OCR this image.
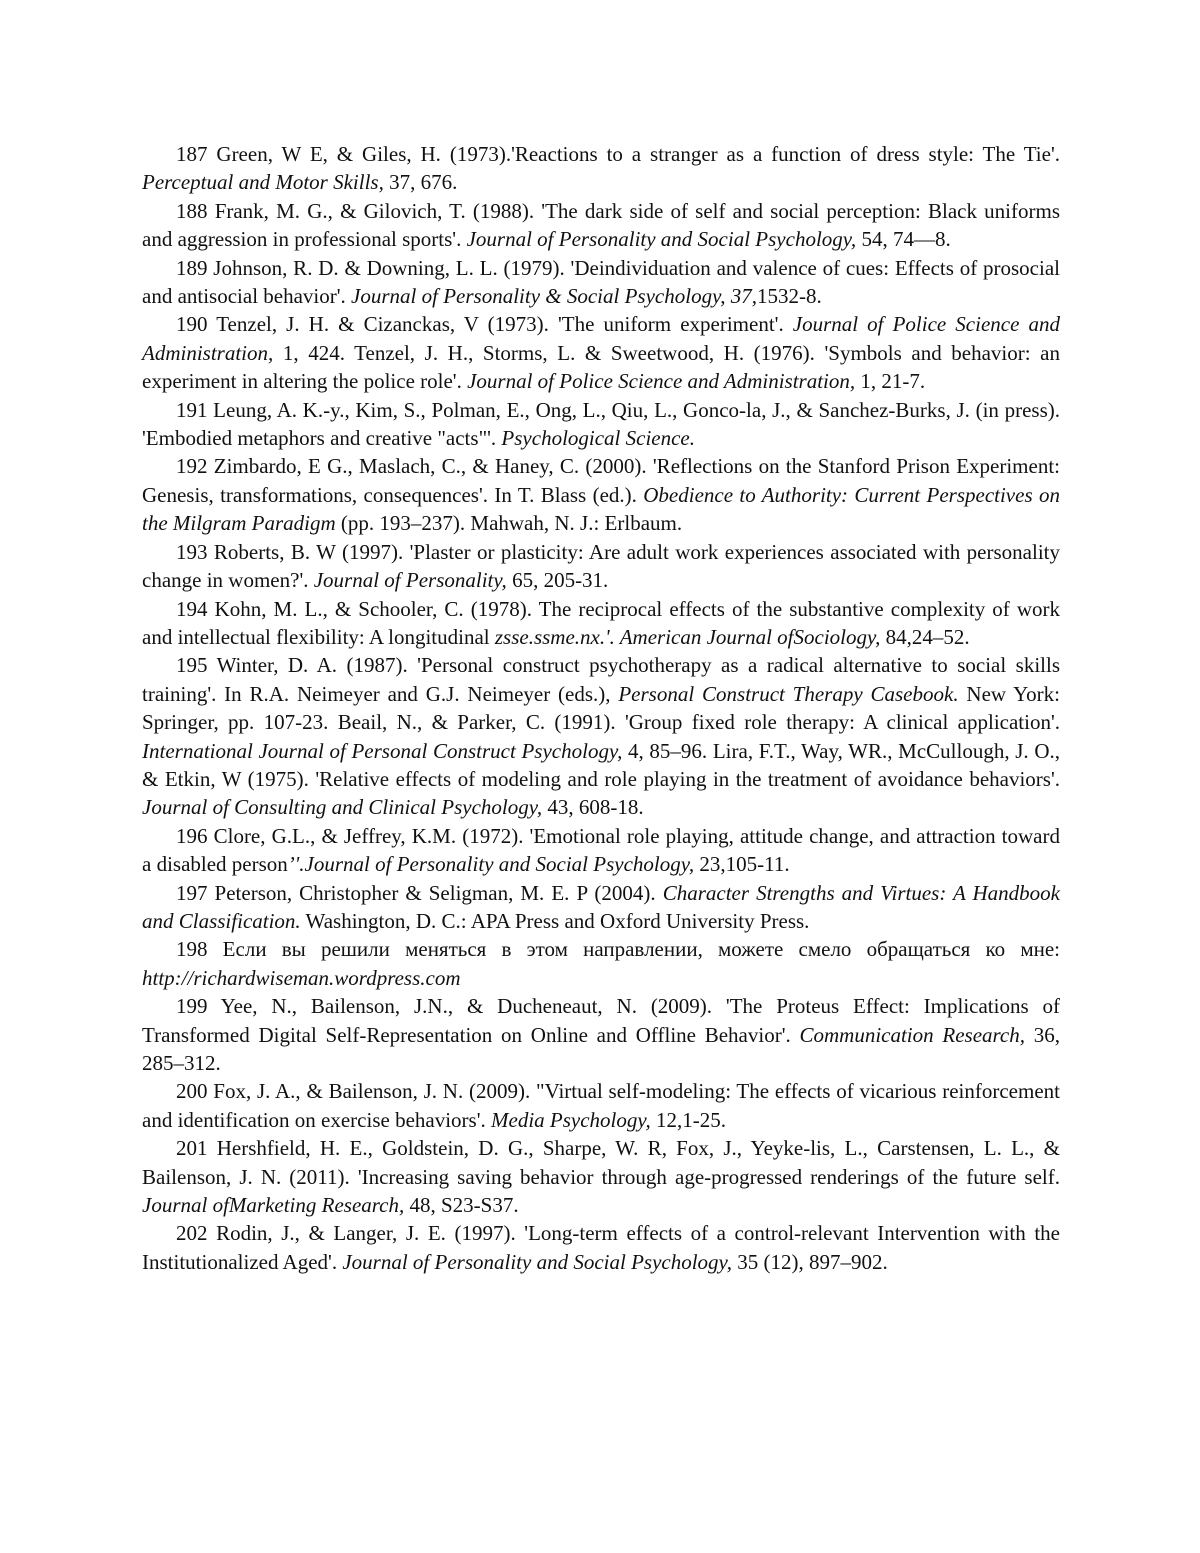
187 Green, W E, & Giles, H. (1973).'Reactions to a stranger as a function of dress style: The Tie'. Perceptual and Motor Skills, 37, 676.

188 Frank, M. G., & Gilovich, T. (1988). 'The dark side of self and social perception: Black uniforms and aggression in professional sports'. Journal of Personality and Social Psychology, 54, 74—8.

189 Johnson, R. D. & Downing, L. L. (1979). 'Deindividuation and valence of cues: Effects of prosocial and antisocial behavior'. Journal of Personality & Social Psychology, 37,1532-8.

190 Tenzel, J. H. & Cizanckas, V (1973). 'The uniform experiment'. Journal of Police Science and Administration, 1, 424. Tenzel, J. H., Storms, L. & Sweetwood, H. (1976). 'Symbols and behavior: an experiment in altering the police role'. Journal of Police Science and Administration, 1, 21-7.

191 Leung, A. K.-y., Kim, S., Polman, E., Ong, L., Qiu, L., Gonco-la, J., & Sanchez-Burks, J. (in press). 'Embodied metaphors and creative "acts"'. Psychological Science.

192 Zimbardo, E G., Maslach, C., & Haney, C. (2000). 'Reflections on the Stanford Prison Experiment: Genesis, transformations, consequences'. In T. Blass (ed.). Obedience to Authority: Current Perspectives on the Milgram Paradigm (pp. 193–237). Mahwah, N. J.: Erlbaum.

193 Roberts, B. W (1997). 'Plaster or plasticity: Are adult work experiences associated with personality change in women?'. Journal of Personality, 65, 205-31.

194 Kohn, M. L., & Schooler, C. (1978). The reciprocal effects of the substantive complexity of work and intellectual flexibility: A longitudinal zsse.ssme.nx.'. American Journal ofSociology, 84,24–52.

195 Winter, D. A. (1987). 'Personal construct psychotherapy as a radical alternative to social skills training'. In R.A. Neimeyer and G.J. Neimeyer (eds.), Personal Construct Therapy Casebook. New York: Springer, pp. 107-23. Beail, N., & Parker, C. (1991). 'Group fixed role therapy: A clinical application'. International Journal of Personal Construct Psychology, 4, 85–96. Lira, F.T., Way, WR., McCullough, J. O., & Etkin, W (1975). 'Relative effects of modeling and role playing in the treatment of avoidance behaviors'. Journal of Consulting and Clinical Psychology, 43, 608-18.

196 Clore, G.L., & Jeffrey, K.M. (1972). 'Emotional role playing, attitude change, and attraction toward a disabled personʼ'.Journal of Personality and Social Psychology, 23,105-11.

197 Peterson, Christopher & Seligman, M. E. P (2004). Character Strengths and Virtues: A Handbook and Classification. Washington, D. C.: APA Press and Oxford University Press.

198 Если вы решили меняться в этом направлении, можете смело обращаться ко мне: http://richardwiseman.wordpress.com

199 Yee, N., Bailenson, J.N., & Ducheneaut, N. (2009). 'The Proteus Effect: Implications of Transformed Digital Self-Representation on Online and Offline Behavior'. Communication Research, 36, 285–312.

200 Fox, J. A., & Bailenson, J. N. (2009). "Virtual self-modeling: The effects of vicarious reinforcement and identification on exercise behaviors'. Media Psychology, 12,1-25.

201 Hershfield, H. E., Goldstein, D. G., Sharpe, W. R, Fox, J., Yeyke-lis, L., Carstensen, L. L., & Bailenson, J. N. (2011). 'Increasing saving behavior through age-progressed renderings of the future self. Journal ofMarketing Research, 48, S23-S37.

202 Rodin, J., & Langer, J. E. (1997). 'Long-term effects of a control-relevant Intervention with the Institutionalized Aged'. Journal of Personality and Social Psychology, 35 (12), 897–902.
